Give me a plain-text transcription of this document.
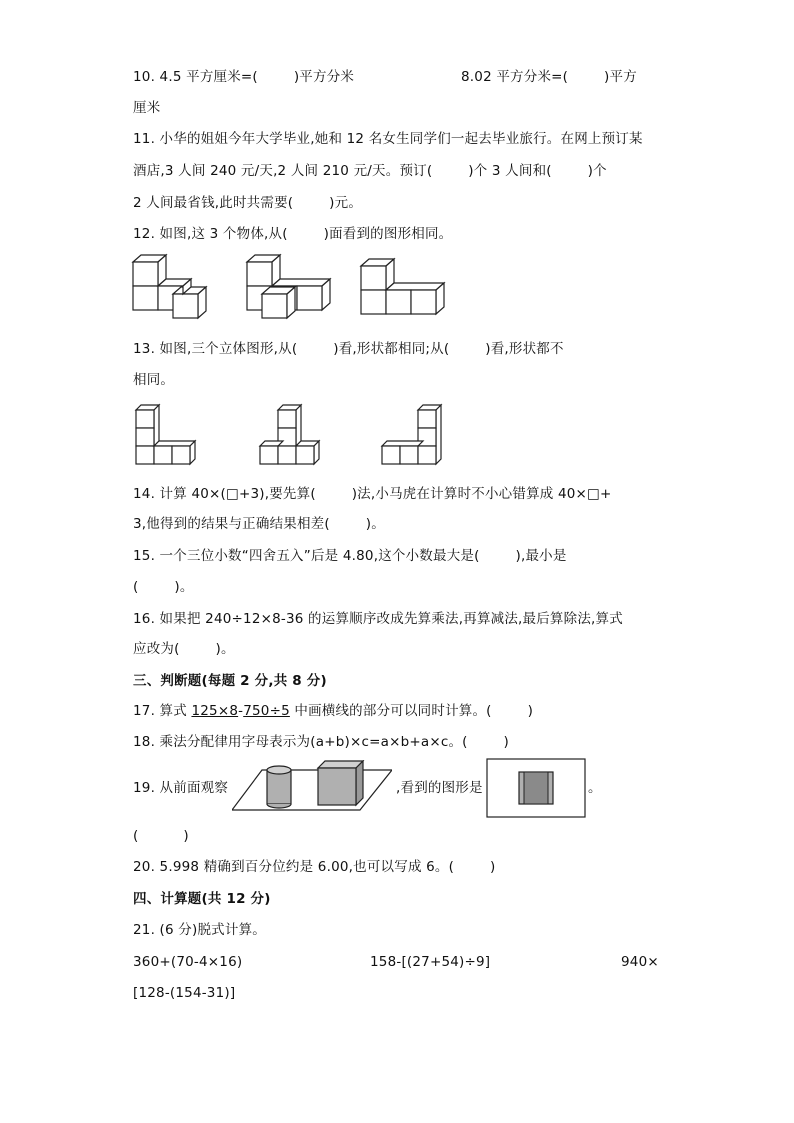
10. 4.5 平方厘米=(        )平方分米	8.02 平方分米=(        )平方
厘米
11. 小华的姐姐今年大学毕业,她和 12 名女生同学们一起去毕业旅行。在网上预订某
酒店,3 人间 240 元/天,2 人间 210 元/天。预订(        )个 3 人间和(        )个
2 人间最省钱,此时共需要(        )元。
12. 如图,这 3 个物体,从(        )面看到的图形相同。
13. 如图,三个立体图形,从(        )看,形状都相同;从(        )看,形状都不
相同。
14. 计算 40×(□+3),要先算(        )法,小马虎在计算时不小心错算成 40×□+
3,他得到的结果与正确结果相差(        )。
15. 一个三位小数“四舍五入”后是 4.80,这个小数最大是(        ),最小是
(        )。
16. 如果把 240÷12×8-36 的运算顺序改成先算乘法,再算减法,最后算除法,算式
应改为(        )。
三、判断题(每题 2 分,共 8 分)
17. 算式 125×8-750÷5 中画横线的部分可以同时计算。(        )
18. 乘法分配律用字母表示为(a+b)×c=a×b+a×c。(        )
19. 从前面观察	,看到的图形是	。
(          )
20. 5.998 精确到百分位约是 6.00,也可以写成 6。(        )
四、计算题(共 12 分)
21. (6 分)脱式计算。
360+(70-4×16)	158-[(27+54)÷9]	940×
[128-(154-31)]
